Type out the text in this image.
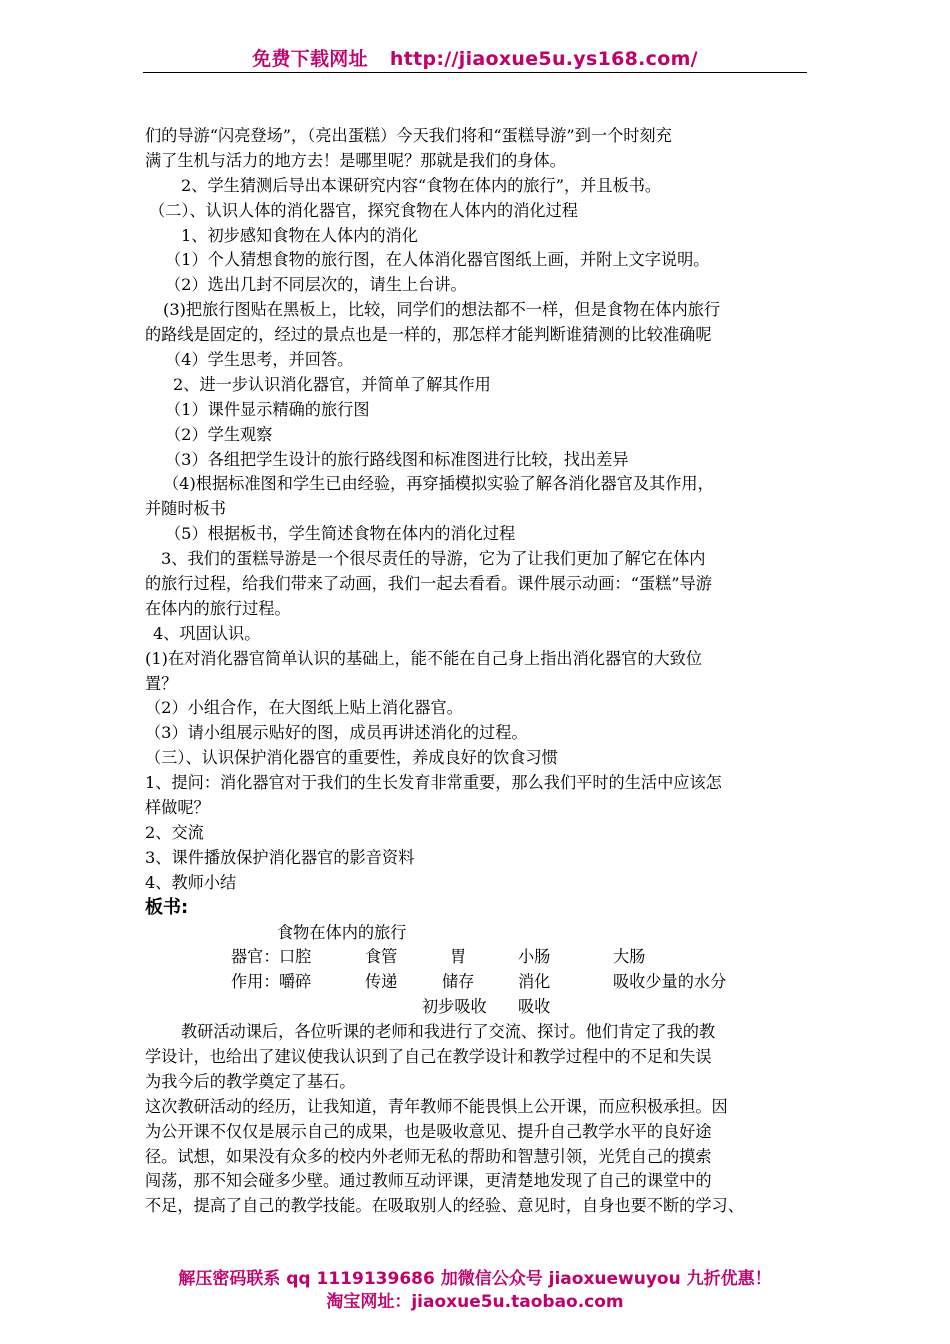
免费下载网址 http://jiaoxue5u.ys168.com/
们的导游“闪亮登场”，（亮出蛋糕）今天我们将和“蛋糕导游”到一个时刻充
满了生机与活力的地方去！是哪里呢？那就是我们的身体。
2、学生猜测后导出本课研究内容“食物在体内的旅行”，并且板书。
（二）、认识人体的消化器官，探究食物在人体内的消化过程
1、初步感知食物在人体内的消化
（1）个人猜想食物的旅行图，在人体消化器官图纸上画，并附上文字说明。
（2）选出几封不同层次的，请生上台讲。
(3)把旅行图贴在黑板上，比较，同学们的想法都不一样，但是食物在体内旅行
的路线是固定的，经过的景点也是一样的，那怎样才能判断谁猜测的比较准确呢
（4）学生思考，并回答。
2、进一步认识消化器官，并简单了解其作用
（1）课件显示精确的旅行图
（2）学生观察
（3）各组把学生设计的旅行路线图和标准图进行比较，找出差异
（4)根据标准图和学生已由经验，再穿插模拟实验了解各消化器官及其作用，
并随时板书
（5）根据板书，学生简述食物在体内的消化过程
3、我们的蛋糕导游是一个很尽责任的导游，它为了让我们更加了解它在体内
的旅行过程，给我们带来了动画，我们一起去看看。课件展示动画：“蛋糕”导游
在体内的旅行过程。
4、巩固认识。
(1)在对消化器官简单认识的基础上，能不能在自己身上指出消化器官的大致位
置？
（2）小组合作，在大图纸上贴上消化器官。
（3）请小组展示贴好的图，成员再讲述消化的过程。
（三）、认识保护消化器官的重要性，养成良好的饮食习惯
1、提问：消化器官对于我们的生长发育非常重要，那么我们平时的生活中应该怎
样做呢？
2、交流
3、课件播放保护消化器官的影音资料
4、教师小结
板书:
食物在体内的旅行
器官： 口腔	食管	胃	小肠	大肠
作用： 嚼碎	传递	储存	消化	吸收少量的水分
初步吸收 吸收
教研活动课后，各位听课的老师和我进行了交流、探讨。他们肯定了我的教
学设计，也给出了建议使我认识到了自己在教学设计和教学过程中的不足和失误
为我今后的教学奠定了基石。
这次教研活动的经历，让我知道，青年教师不能畏惧上公开课，而应积极承担。因
为公开课不仅仅是展示自己的成果，也是吸收意见、提升自己教学水平的良好途
径。试想，如果没有众多的校内外老师无私的帮助和智慧引领，光凭自己的摸索
闯荡，那不知会碰多少壁。通过教师互动评课，更清楚地发现了自己的课堂中的
不足，提高了自己的教学技能。在吸取别人的经验、意见时，自身也要不断的学习、
解压密码联系 qq 1119139686 加微信公众号 jiaoxuewuyou 九折优惠！
淘宝网址：jiaoxue5u.taobao.com
